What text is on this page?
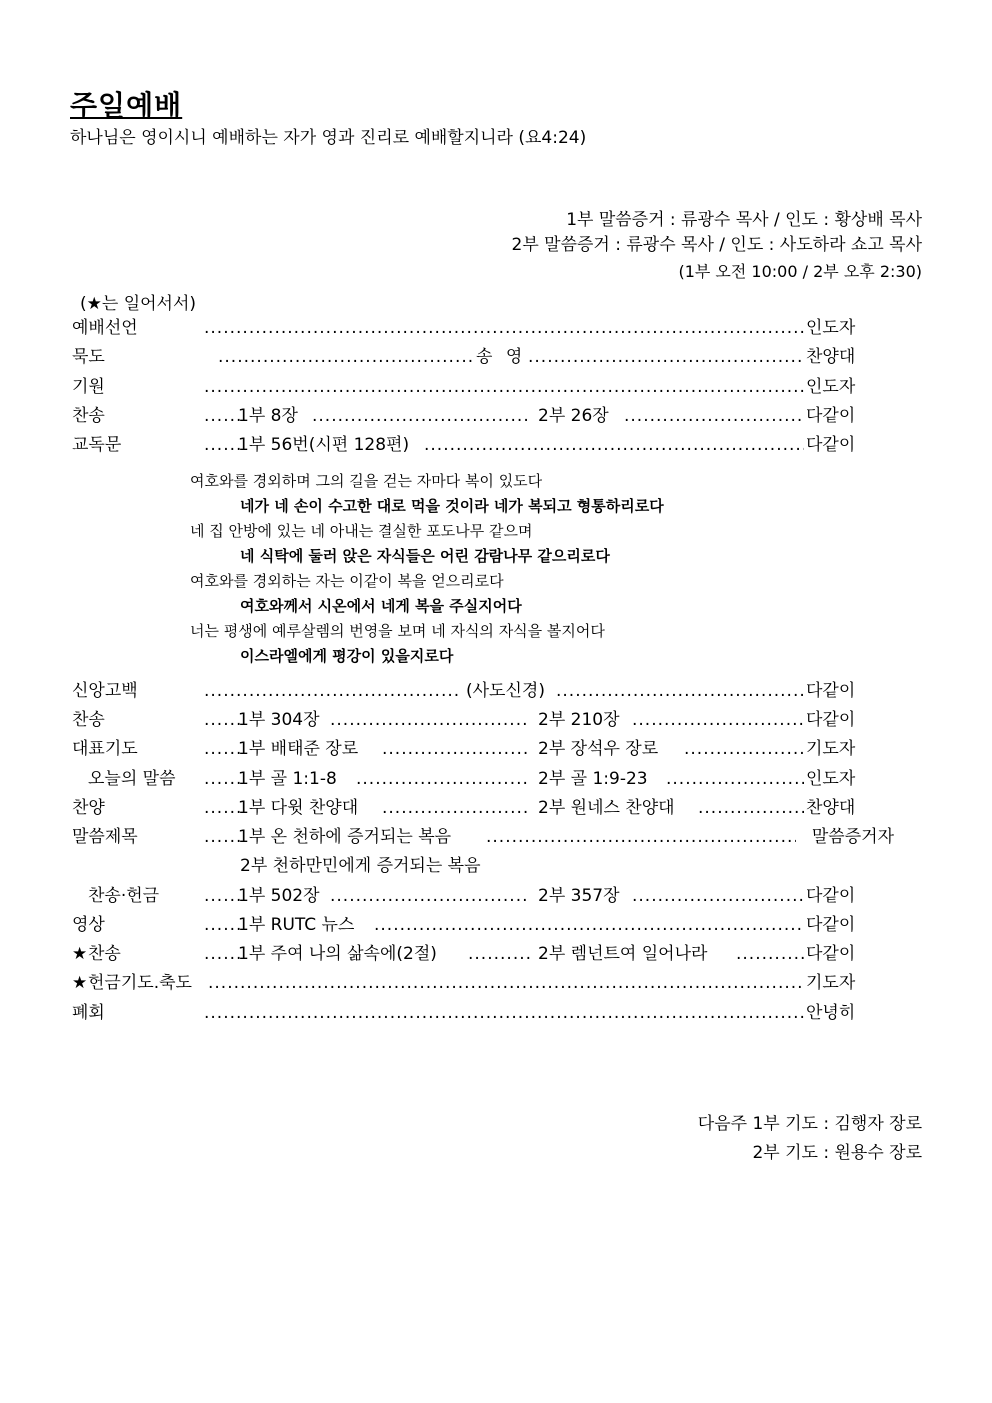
주일예배
하나님은 영이시니 예배하는 자가 영과 진리로 예배할지니라 (요4:24)
1부 말씀증거 : 류광수 목사 / 인도 : 황상배 목사
2부 말씀증거 : 류광수 목사 / 인도 : 사도하라 쇼고 목사
(1부 오전 10:00 / 2부 오후 2:30)
(★는 일어서서)
예배선언 .....	인도자
묵도 .....	송 영 .....	찬양대
기원 .....	인도자
찬송 .....	1부 8장 .....	2부 26장 .....	다같이
교독문 .....	1부 56번(시편 128편) .....	다같이
여호와를 경외하며 그의 길을 걷는 자마다 복이 있도다
네가 네 손이 수고한 대로 먹을 것이라 네가 복되고 형통하리로다
네 집 안방에 있는 네 아내는 결실한 포도나무 같으며
네 식탁에 둘러 앉은 자식들은 어린 감람나무 같으리로다
여호와를 경외하는 자는 이같이 복을 얻으리로다
여호와께서 시온에서 네게 복을 주실지어다
너는 평생에 예루살렘의 번영을 보며 네 자식의 자식을 볼지어다
이스라엘에게 평강이 있을지로다
신앙고백 .....	(사도신경) .....	다같이
찬송 .....	1부 304장 .....	2부 210장 .....	다같이
대표기도 .....	1부 배태준 장로 .....	2부 장석우 장로 .....	기도자
오늘의 말씀 .....	1부 골 1:1-8 .....	2부 골 1:9-23 .....	인도자
찬양 .....	1부 다윗 찬양대 .....	2부 원네스 찬양대 .....	찬양대
말씀제목 .....	1부 온 천하에 증거되는 복음 .....	말씀증거자
2부 천하만민에게 증거되는 복음
찬송·헌금 .....	1부 502장 .....	2부 357장 .....	다같이
영상 .....	1부 RUTC 뉴스 .....	다같이
★ 찬송 .....	1부 주여 나의 삶속에(2절) .....	2부 렘넌트여 일어나라 .....	다같이
★ 헌금기도.축도 .....	기도자
폐회 .....	안녕히
다음주 1부 기도 : 김행자 장로
2부 기도 : 원용수 장로
